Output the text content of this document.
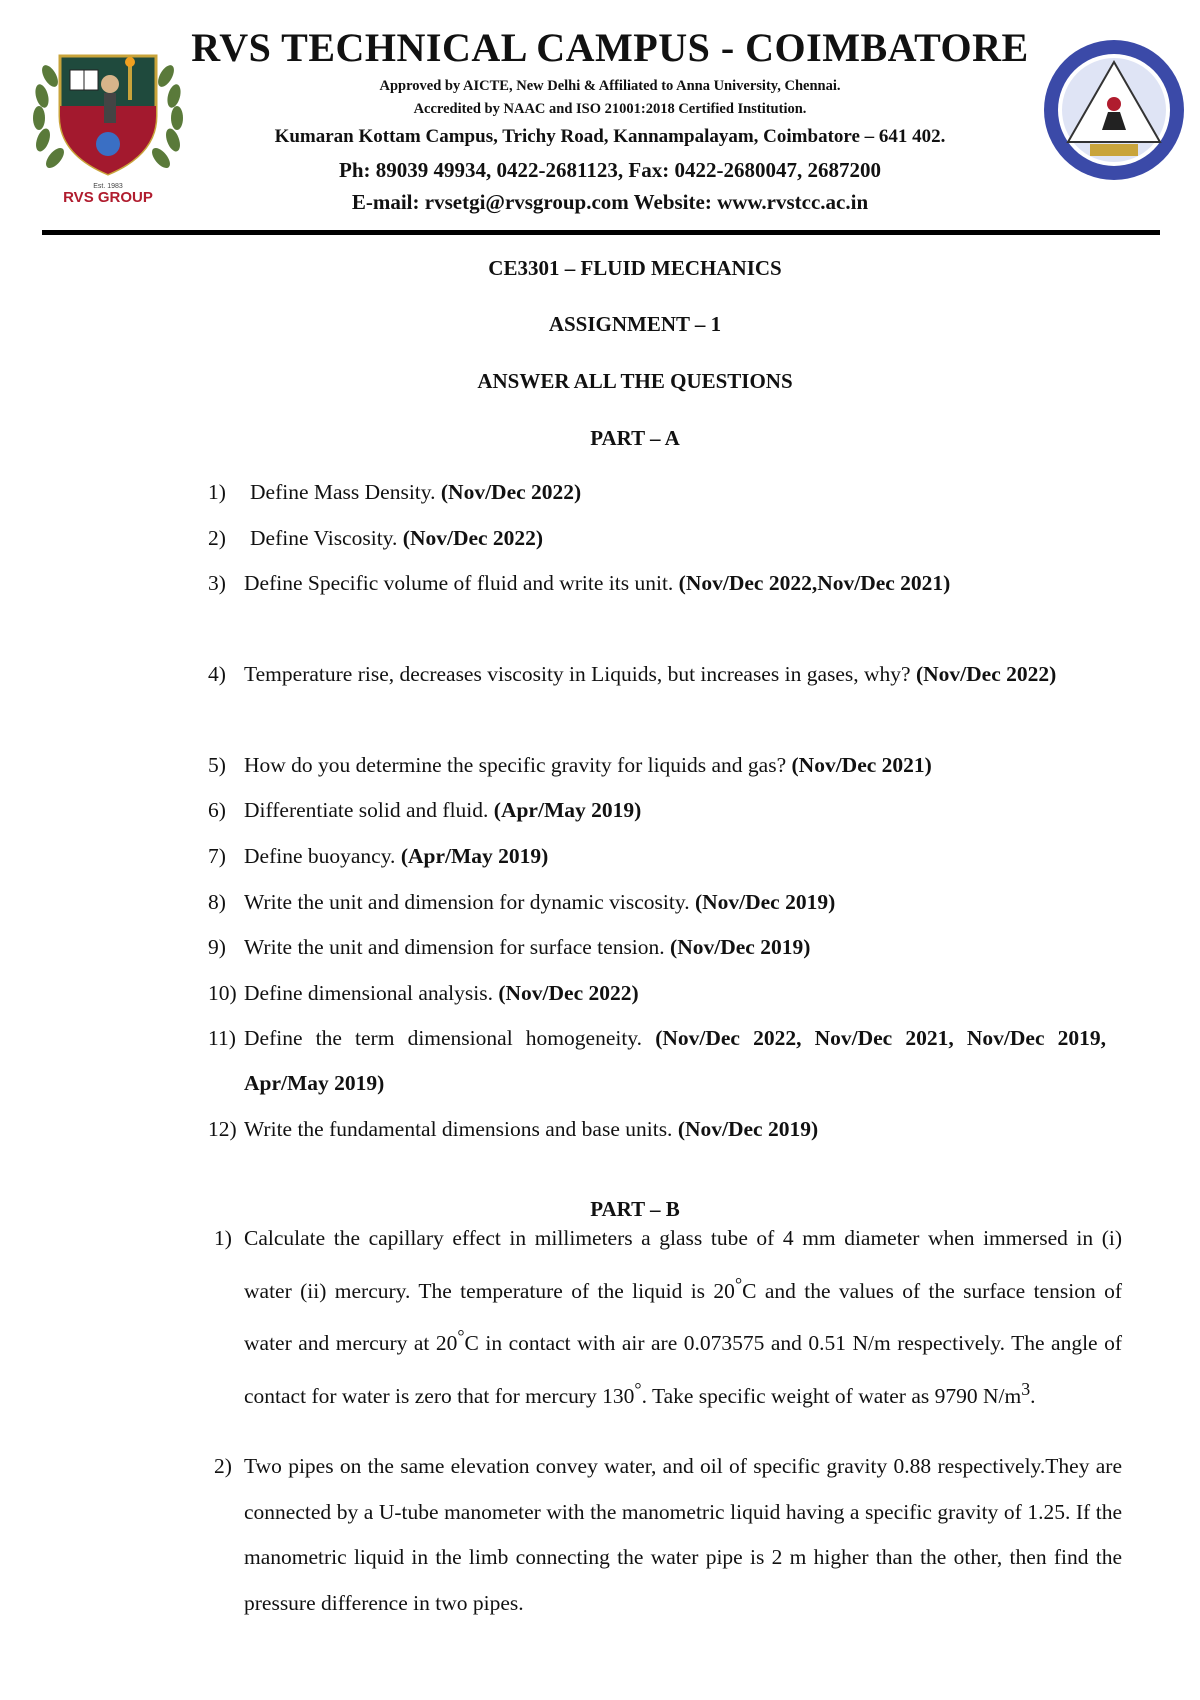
Est. 1983
RVS GROUP
RVS TECHNICAL CAMPUS - COIMBATORE
Approved by AICTE, New Delhi & Affiliated to Anna University, Chennai.
Accredited by NAAC and ISO 21001:2018 Certified Institution.
Kumaran Kottam Campus, Trichy Road, Kannampalayam, Coimbatore – 641 402.
Ph: 89039 49934, 0422-2681123, Fax: 0422-2680047, 2687200
E-mail: rvsetgi@rvsgroup.com Website: www.rvstcc.ac.in
CE3301 – FLUID MECHANICS
ASSIGNMENT – 1
ANSWER ALL THE QUESTIONS
PART – A
1)	Define Mass Density. (Nov/Dec 2022)
2)	Define Viscosity. (Nov/Dec 2022)
3) Define Specific volume of fluid and write its unit. (Nov/Dec 2022,Nov/Dec 2021)
4) Temperature rise, decreases viscosity in Liquids, but increases in gases, why? (Nov/Dec 2022)
5) How do you determine the specific gravity for liquids and gas? (Nov/Dec 2021)
6) Differentiate solid and fluid. (Apr/May 2019)
7) Define buoyancy. (Apr/May 2019)
8) Write the unit and dimension for dynamic viscosity. (Nov/Dec 2019)
9) Write the unit and dimension for surface tension. (Nov/Dec 2019)
10) Define dimensional analysis. (Nov/Dec 2022)
11) Define the term dimensional homogeneity. (Nov/Dec 2022, Nov/Dec 2021, Nov/Dec 2019, Apr/May 2019)
12) Write the fundamental dimensions and base units. (Nov/Dec 2019)
PART – B
1) Calculate the capillary effect in millimeters a glass tube of 4 mm diameter when immersed in (i) water (ii) mercury. The temperature of the liquid is 20°C and the values of the surface tension of water and mercury at 20°C in contact with air are 0.073575 and 0.51 N/m respectively. The angle of contact for water is zero that for mercury 130°. Take specific weight of water as 9790 $N/m^3$.
2) Two pipes on the same elevation convey water, and oil of specific gravity 0.88 respectively.They are connected by a U-tube manometer with the manometric liquid having a specific gravity of 1.25. If the manometric liquid in the limb connecting the water pipe is 2 m higher than the other, then find the pressure difference in two pipes.
